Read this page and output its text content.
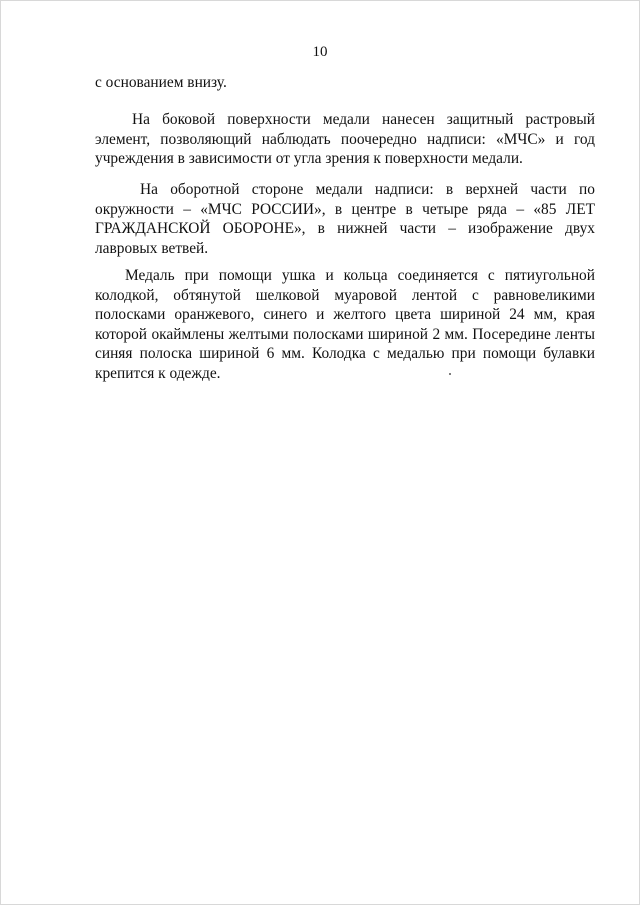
10

с основанием внизу.

На боковой поверхности медали нанесен защитный растровый элемент, позволяющий наблюдать поочередно надписи: «МЧС» и год учреждения в зависимости от угла зрения к поверхности медали.

На оборотной стороне медали надписи: в верхней части по окружности – «МЧС РОССИИ», в центре в четыре ряда – «85 ЛЕТ ГРАЖДАНСКОЙ ОБОРОНЕ», в нижней части – изображение двух лавровых ветвей.

Медаль при помощи ушка и кольца соединяется с пятиугольной колодкой, обтянутой шелковой муаровой лентой с равновеликими полосками оранжевого, синего и желтого цвета шириной 24 мм, края которой окаймлены желтыми полосками шириной 2 мм. Посередине ленты синяя полоска шириной 6 мм. Колодка с медалью при помощи булавки крепится к одежде.
